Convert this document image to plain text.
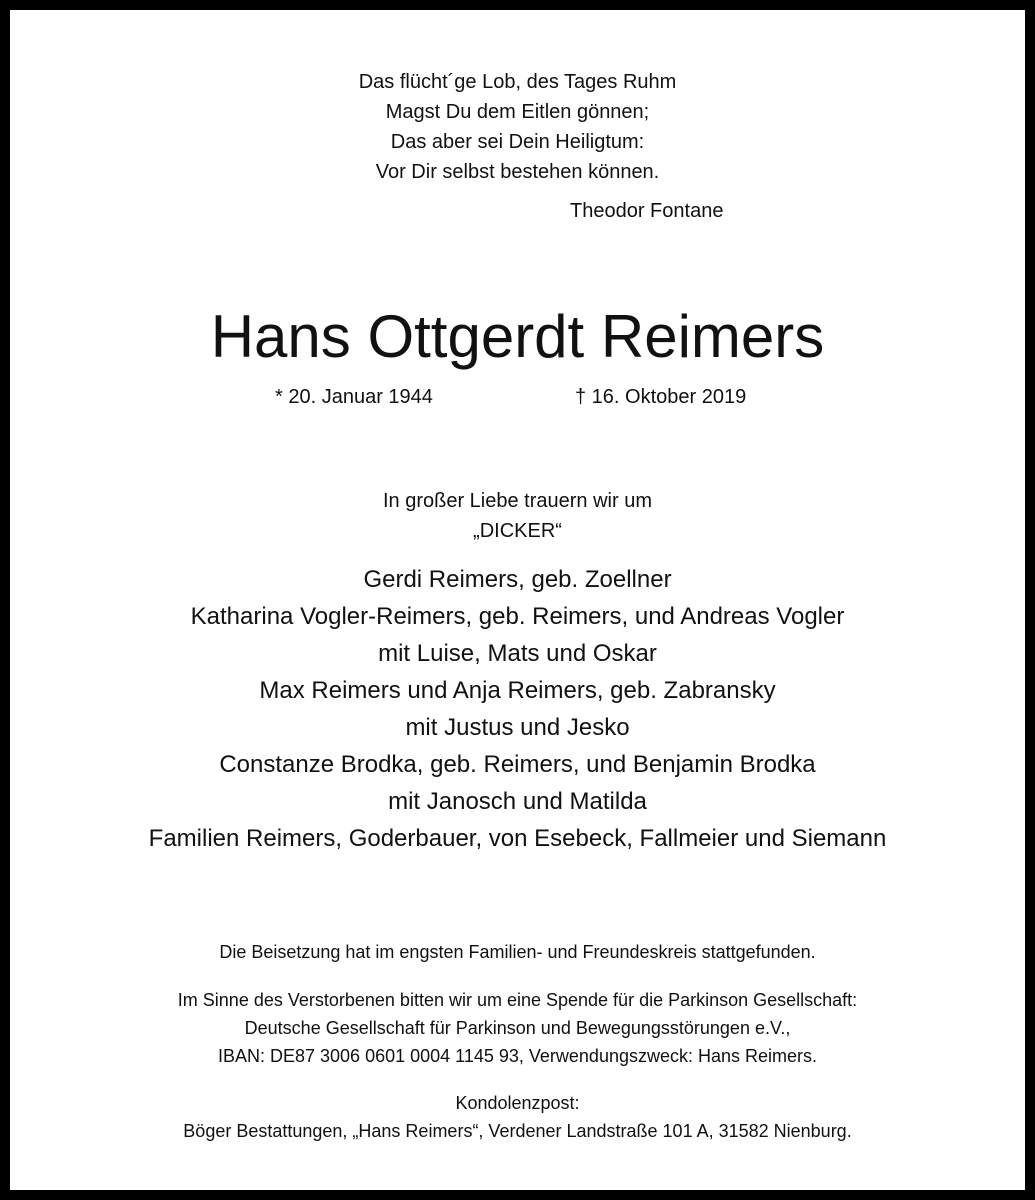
Das flücht´ge Lob, des Tages Ruhm
Magst Du dem Eitlen gönnen;
Das aber sei Dein Heiligtum:
Vor Dir selbst bestehen können.
Theodor Fontane
Hans Ottgerdt Reimers
* 20. Januar 1944	† 16. Oktober 2019
In großer Liebe trauern wir um
„DICKER“
Gerdi Reimers, geb. Zoellner
Katharina Vogler-Reimers, geb. Reimers, und Andreas Vogler
mit Luise, Mats und Oskar
Max Reimers und Anja Reimers, geb. Zabransky
mit Justus und Jesko
Constanze Brodka, geb. Reimers, und Benjamin Brodka
mit Janosch und Matilda
Familien Reimers, Goderbauer, von Esebeck, Fallmeier und Siemann
Die Beisetzung hat im engsten Familien- und Freundeskreis stattgefunden.
Im Sinne des Verstorbenen bitten wir um eine Spende für die Parkinson Gesellschaft:
Deutsche Gesellschaft für Parkinson und Bewegungsstörungen e.V.,
IBAN: DE87 3006 0601 0004 1145 93, Verwendungszweck: Hans Reimers.
Kondolenzpost:
Böger Bestattungen, „Hans Reimers“, Verdener Landstraße 101 A, 31582 Nienburg.
